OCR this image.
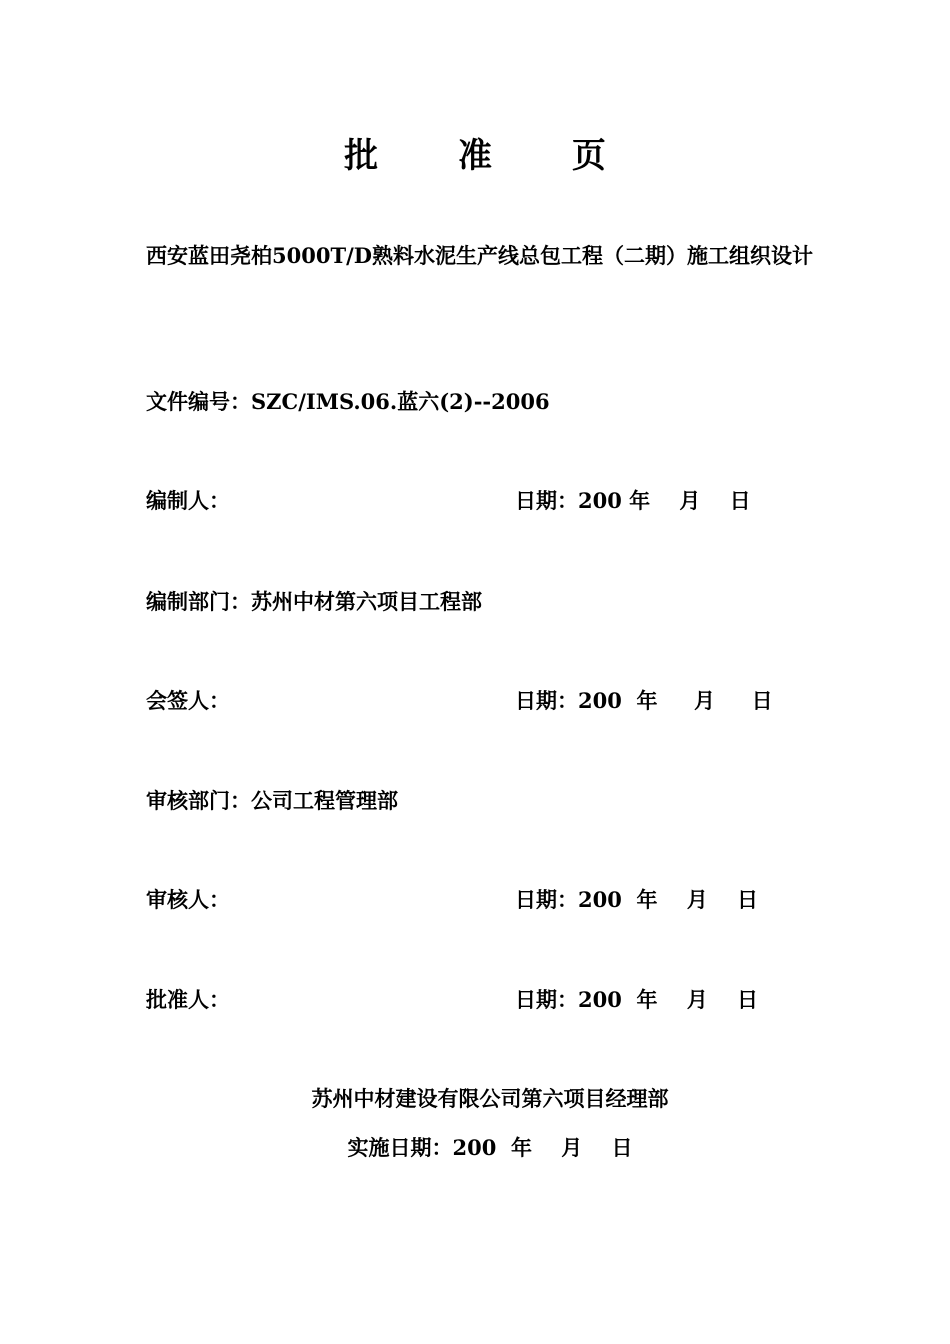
批 准 页
西安蓝田尧柏5000T/D熟料水泥生产线总包工程（二期）施工组织设计
文件编号：SZC/IMS.06.蓝六(2)--2006
编制人：	日期：200 年    月    日
编制部门：苏州中材第六项目工程部
会签人：	日期：200  年     月     日
审核部门：公司工程管理部
审核人：	日期：200  年    月    日
批准人：	日期：200  年    月    日
苏州中材建设有限公司第六项目经理部
实施日期：200  年    月    日
